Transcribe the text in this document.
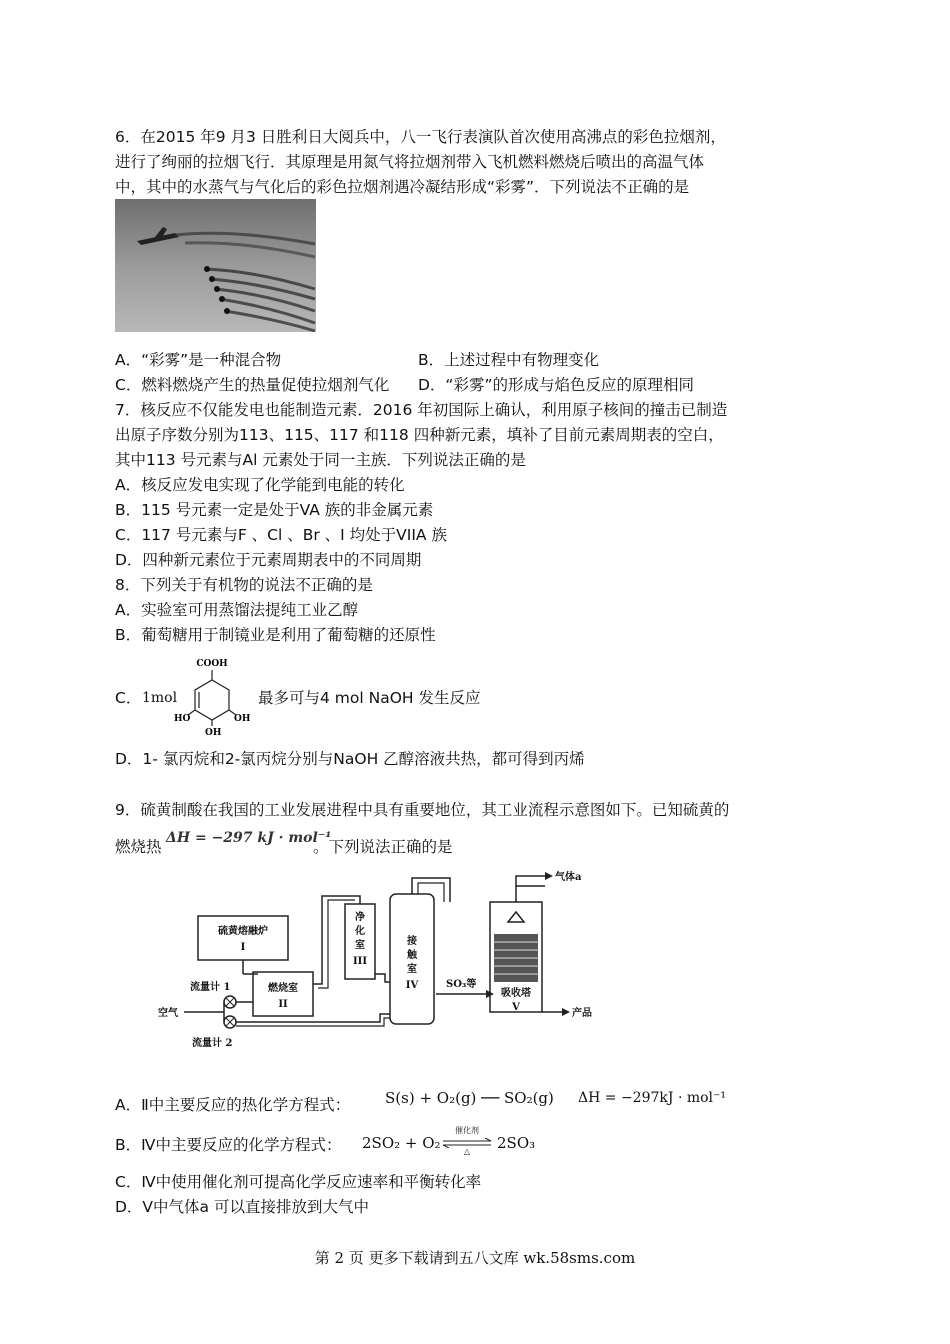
6．在2015 年9 月3 日胜利日大阅兵中，八一飞行表演队首次使用高沸点的彩色拉烟剂，
进行了绚丽的拉烟飞行．其原理是用氮气将拉烟剂带入飞机燃料燃烧后喷出的高温气体
中，其中的水蒸气与气化后的彩色拉烟剂遇冷凝结形成“彩雾”．下列说法不正确的是
A．“彩雾”是一种混合物	B．上述过程中有物理变化
C．燃料燃烧产生的热量促使拉烟剂气化 D．“彩雾”的形成与焰色反应的原理相同
7．核反应不仅能发电也能制造元素．2016 年初国际上确认，利用原子核间的撞击已制造
出原子序数分别为113、115、117 和118 四种新元素，填补了目前元素周期表的空白，
其中113 号元素与Al 元素处于同一主族．下列说法正确的是
A．核反应发电实现了化学能到电能的转化
B．115 号元素一定是处于VA 族的非金属元素
C．117 号元素与F 、Cl 、Br 、I 均处于VIIA 族
D．四种新元素位于元素周期表中的不同周期
8．下列关于有机物的说法不正确的是
A．实验室可用蒸馏法提纯工业乙醇
B．葡萄糖用于制镜业是利用了葡萄糖的还原性
C． 1mol
COOH
HO	OH
OH
最多可与4 mol NaOH 发生反应
D．1- 氯丙烷和2-氯丙烷分别与NaOH 乙醇溶液共热，都可得到丙烯
9．硫黄制酸在我国的工业发展进程中具有重要地位，其工业流程示意图如下。已知硫黄的
燃烧热 ΔH = −297 kJ · mol⁻¹
。下列说法正确的是
硫黄熔融炉
I
燃烧室
II
净
化
室
III
接
触
室
IV	SO₃等
气体a
吸收塔
V
产品
空气
流量计 1
流量计 2
A．Ⅱ中主要反应的热化学方程式： S(s) + O₂(g) ── SO₂(g) ΔH = −297kJ · mol⁻¹
B．Ⅳ中主要反应的化学方程式： 2SO₂ + O₂
催化剂
△	2SO₃
C．Ⅳ中使用催化剂可提高化学反应速率和平衡转化率
D．Ⅴ中气体a 可以直接排放到大气中
第 2 页 更多下载请到五八文库 wk.58sms.com
